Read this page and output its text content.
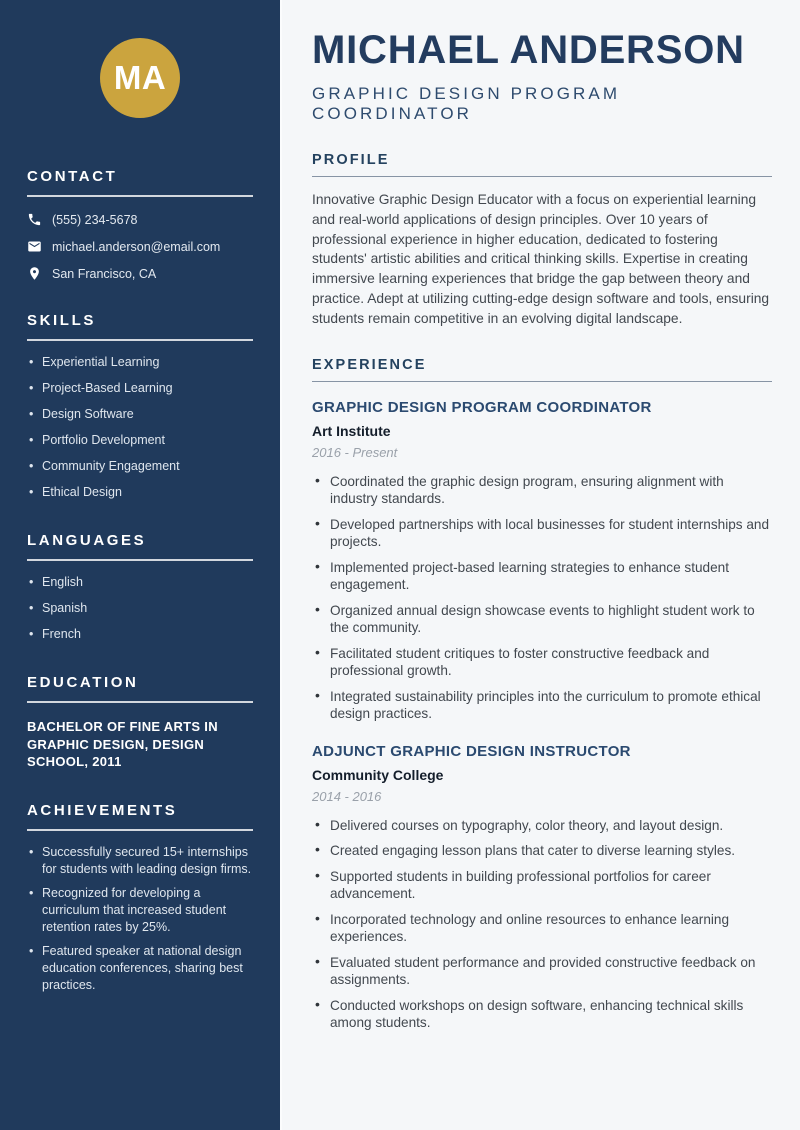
MA
CONTACT
(555) 234-5678
michael.anderson@email.com
San Francisco, CA
SKILLS
• Experiential Learning
• Project-Based Learning
• Design Software
• Portfolio Development
• Community Engagement
• Ethical Design
LANGUAGES
• English
• Spanish
• French
EDUCATION

BACHELOR OF FINE ARTS IN GRAPHIC DESIGN, DESIGN SCHOOL, 2011

ACHIEVEMENTS
• Successfully secured 15+ internships for students with leading design firms.
• Recognized for developing a curriculum that increased student retention rates by 25%.
• Featured speaker at national design education conferences, sharing best practices.
MICHAEL ANDERSON
GRAPHIC DESIGN PROGRAM COORDINATOR
PROFILE

Innovative Graphic Design Educator with a focus on experiential learning and real-world applications of design principles. Over 10 years of professional experience in higher education, dedicated to fostering students' artistic abilities and critical thinking skills. Expertise in creating immersive learning experiences that bridge the gap between theory and practice. Adept at utilizing cutting-edge design software and tools, ensuring students remain competitive in an evolving digital landscape.

EXPERIENCE
GRAPHIC DESIGN PROGRAM COORDINATOR
Art Institute
2016 - Present
• Coordinated the graphic design program, ensuring alignment with industry standards.
• Developed partnerships with local businesses for student internships and projects.
• Implemented project-based learning strategies to enhance student engagement.
• Organized annual design showcase events to highlight student work to the community.
• Facilitated student critiques to foster constructive feedback and professional growth.
• Integrated sustainability principles into the curriculum to promote ethical design practices.
ADJUNCT GRAPHIC DESIGN INSTRUCTOR
Community College
2014 - 2016
• Delivered courses on typography, color theory, and layout design.
• Created engaging lesson plans that cater to diverse learning styles.
• Supported students in building professional portfolios for career advancement.
• Incorporated technology and online resources to enhance learning experiences.
• Evaluated student performance and provided constructive feedback on assignments.
• Conducted workshops on design software, enhancing technical skills among students.
